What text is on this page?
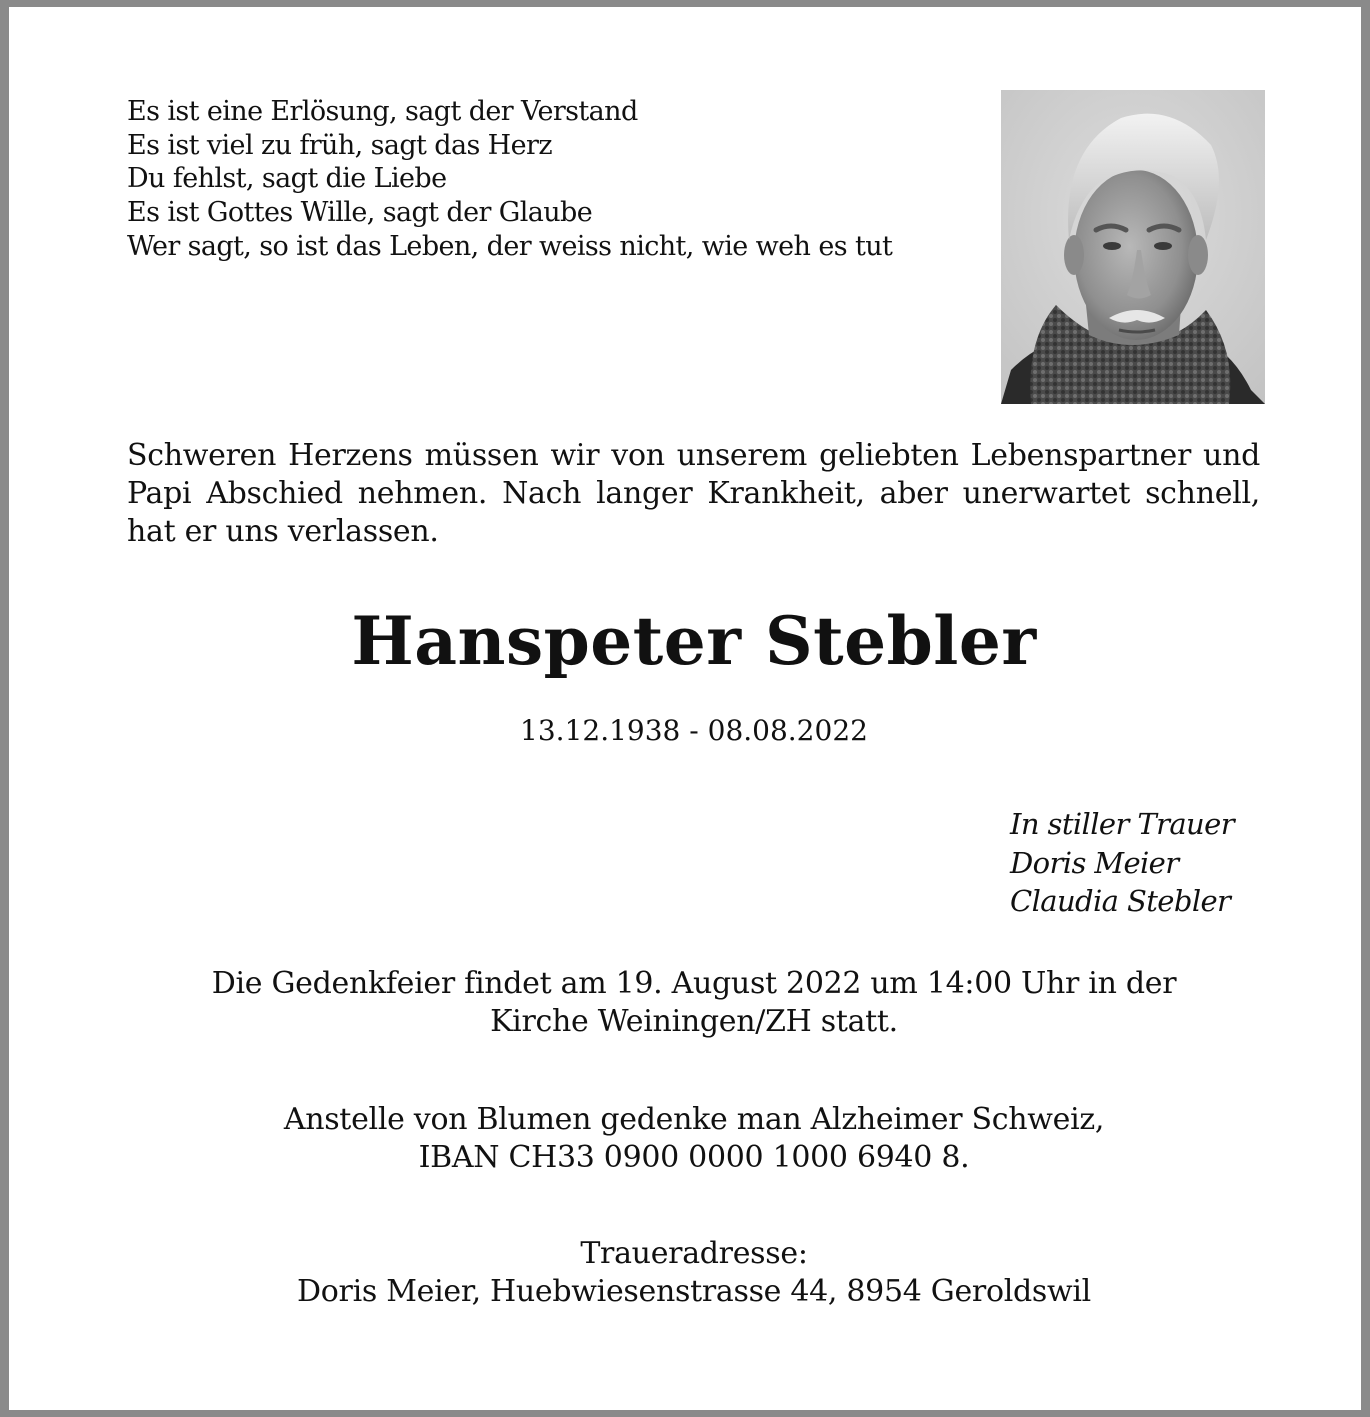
Es ist eine Erlösung, sagt der Verstand
Es ist viel zu früh, sagt das Herz
Du fehlst, sagt die Liebe
Es ist Gottes Wille, sagt der Glaube
Wer sagt, so ist das Leben, der weiss nicht, wie weh es tut
Schweren Herzens müssen wir von unserem geliebten Lebenspartner und Papi Abschied nehmen. Nach langer Krankheit, aber unerwartet schnell, hat er uns verlassen.
Hanspeter Stebler
13.12.1938 - 08.08.2022
In stiller Trauer
Doris Meier
Claudia Stebler
Die Gedenkfeier findet am 19. August 2022 um 14:00 Uhr in der
Kirche Weiningen/ZH statt.
Anstelle von Blumen gedenke man Alzheimer Schweiz,
IBAN CH33 0900 0000 1000 6940 8.
Traueradresse:
Doris Meier, Huebwiesenstrasse 44, 8954 Geroldswil
